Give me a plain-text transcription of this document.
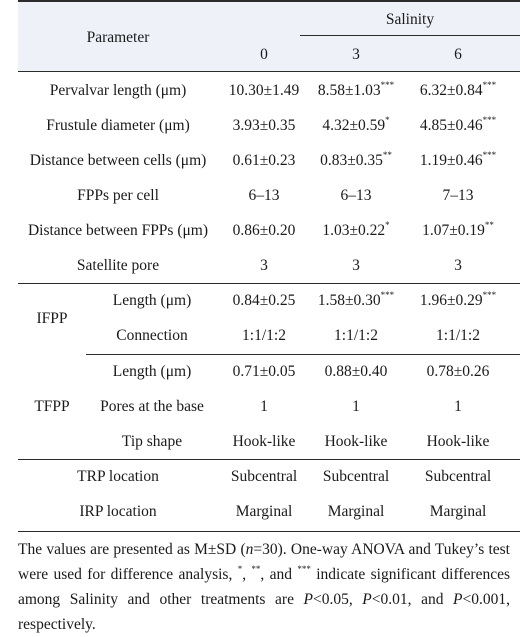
Parameter
Salinity
0	3	6
Pervalvar length (μm)	10.30±1.49	8.58±1.03***	6.32±0.84***
Frustule diameter (μm)	3.93±0.35	4.32±0.59*	4.85±0.46***
Distance between cells (μm)	0.61±0.23	0.83±0.35**	1.19±0.46***
FPPs per cell	6–13	6–13	7–13
Distance between FPPs (μm)	0.86±0.20	1.03±0.22*	1.07±0.19**
Satellite pore	3	3	3
IFPP
Length (μm)	0.84±0.25	1.58±0.30***	1.96±0.29***
Connection	1:1/1:2	1:1/1:2	1:1/1:2
TFPP
Length (μm)	0.71±0.05	0.88±0.40	0.78±0.26
Pores at the base	1	1	1
Tip shape	Hook-like	Hook-like	Hook-like
TRP location	Subcentral	Subcentral	Subcentral
IRP location	Marginal	Marginal	Marginal
The values are presented as M±SD (n=30). One-way ANOVA and Tukey’s test were used for difference analysis, *, **, and *** indicate significant differences among Salinity and other treatments are P<0.05, P<0.01, and P<0.001, respectively.
